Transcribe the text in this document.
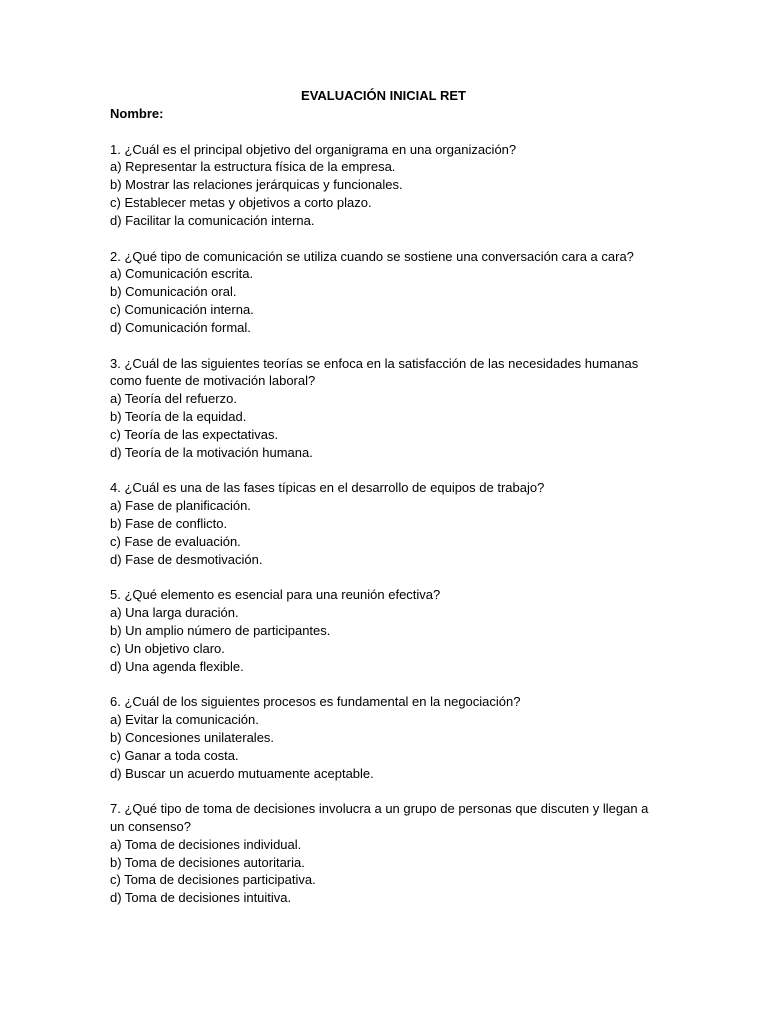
EVALUACIÓN INICIAL RET

Nombre:

1. ¿Cuál es el principal objetivo del organigrama en una organización?

a) Representar la estructura física de la empresa.

b) Mostrar las relaciones jerárquicas y funcionales.

c) Establecer metas y objetivos a corto plazo.

d) Facilitar la comunicación interna.

2. ¿Qué tipo de comunicación se utiliza cuando se sostiene una conversación cara a cara?

a) Comunicación escrita.

b) Comunicación oral.

c) Comunicación interna.

d) Comunicación formal.

3. ¿Cuál de las siguientes teorías se enfoca en la satisfacción de las necesidades humanas como fuente de motivación laboral?

a) Teoría del refuerzo.

b) Teoría de la equidad.

c) Teoría de las expectativas.

d) Teoría de la motivación humana.

4. ¿Cuál es una de las fases típicas en el desarrollo de equipos de trabajo?

a) Fase de planificación.

b) Fase de conflicto.

c) Fase de evaluación.

d) Fase de desmotivación.

5. ¿Qué elemento es esencial para una reunión efectiva?

a) Una larga duración.

b) Un amplio número de participantes.

c) Un objetivo claro.

d) Una agenda flexible.

6. ¿Cuál de los siguientes procesos es fundamental en la negociación?

a) Evitar la comunicación.

b) Concesiones unilaterales.

c) Ganar a toda costa.

d) Buscar un acuerdo mutuamente aceptable.

7. ¿Qué tipo de toma de decisiones involucra a un grupo de personas que discuten y llegan a un consenso?

a) Toma de decisiones individual.

b) Toma de decisiones autoritaria.

c) Toma de decisiones participativa.

d) Toma de decisiones intuitiva.
